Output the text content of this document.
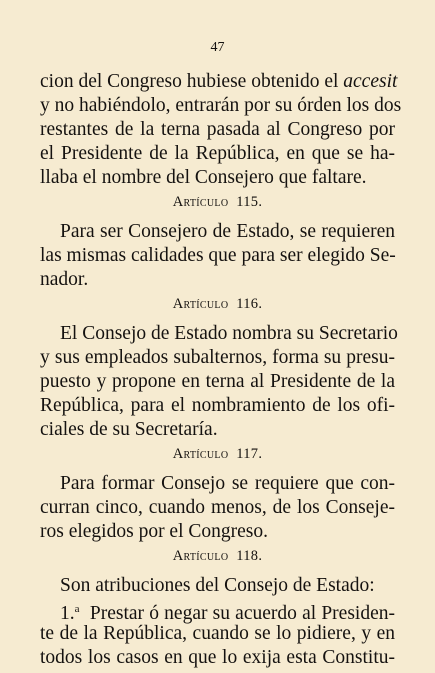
47
cion del Congreso hubiese obtenido el accesit
y no habiéndolo, entrarán por su órden los dos
restantes de la terna pasada al Congreso por
el Presidente de la República, en que se ha-
llaba el nombre del Consejero que faltare.
Artículo 115.
Para ser Consejero de Estado, se requieren
las mismas calidades que para ser elegido Se-
nador.
Artículo 116.
El Consejo de Estado nombra su Secretario
y sus empleados subalternos, forma su presu-
puesto y propone en terna al Presidente de la
República, para el nombramiento de los ofi-
ciales de su Secretaría.
Artículo 117.
Para formar Consejo se requiere que con-
curran cinco, cuando menos, de los Conseje-
ros elegidos por el Congreso.
Artículo 118.
Son atribuciones del Consejo de Estado:
1.$^a$ Prestar ó negar su acuerdo al Presiden-
te de la República, cuando se lo pidiere, y en
todos los casos en que lo exija esta Constitu-
